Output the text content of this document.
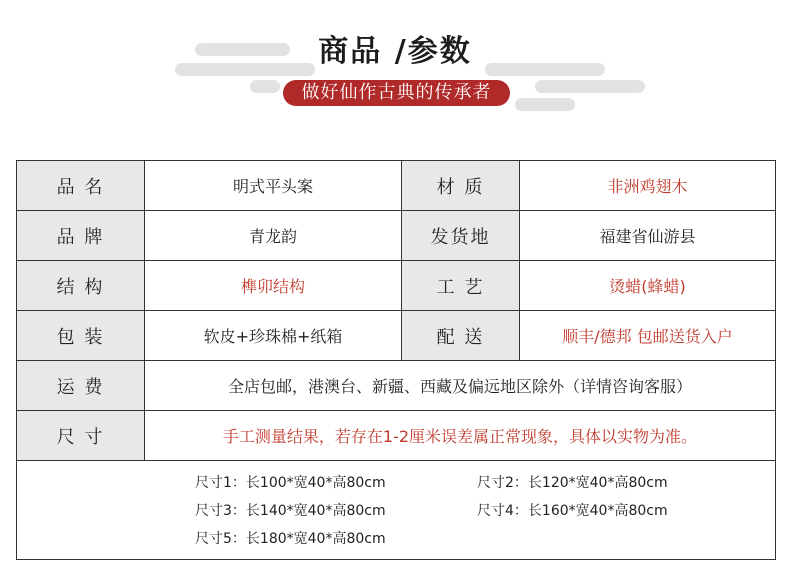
商品 /参数
做好仙作古典的传承者
品 名	明式平头案	材 质	非洲鸡翅木
品 牌	青龙韵	发货地	福建省仙游县
结 构	榫卯结构	工 艺	烫蜡(蜂蜡)
包 装	软皮+珍珠棉+纸箱	配 送	顺丰/德邦 包邮送货入户
运 费	全店包邮，港澳台、新疆、西藏及偏远地区除外（详情咨询客服）
尺 寸	手工测量结果，若存在1-2厘米误差属正常现象，具体以实物为准。
尺寸1：长100*宽40*高80cm	尺寸2：长120*宽40*高80cm
尺寸3：长140*宽40*高80cm	尺寸4：长160*宽40*高80cm
尺寸5：长180*宽40*高80cm
